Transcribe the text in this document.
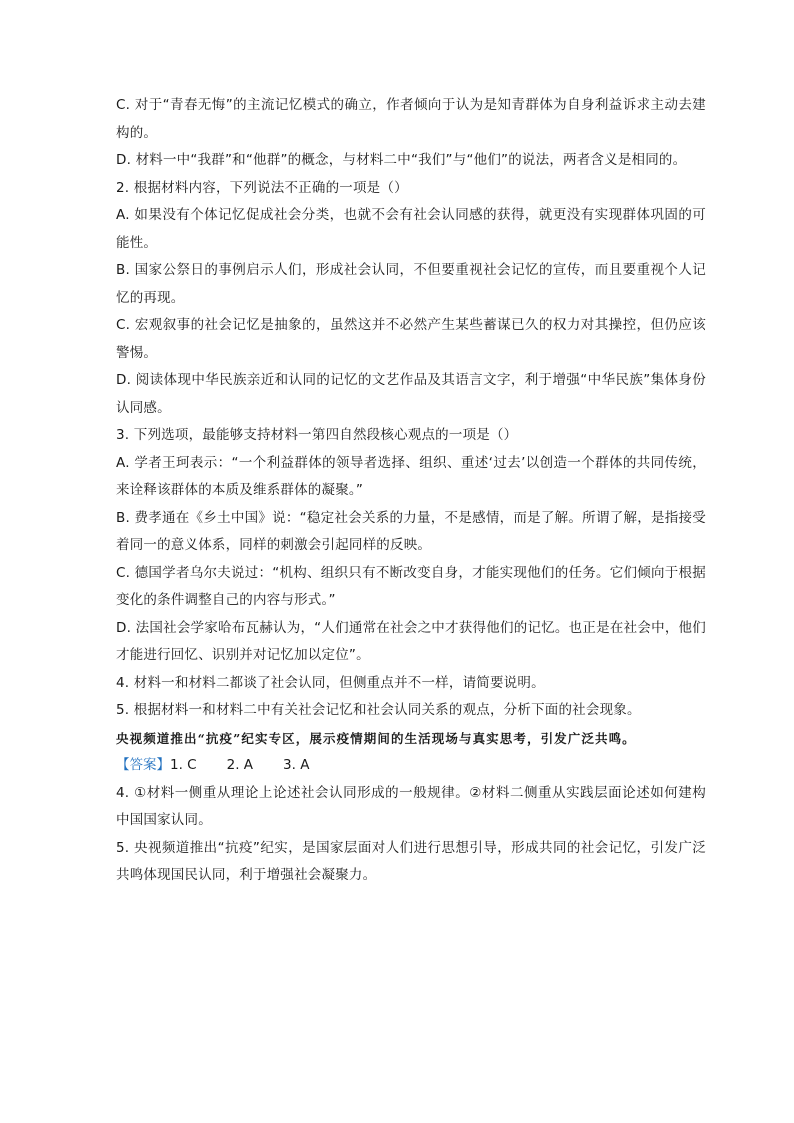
C. 对于“青春无悔”的主流记忆模式的确立，作者倾向于认为是知青群体为自身利益诉求主动去建构的。

D. 材料一中“我群”和“他群”的概念，与材料二中“我们”与“他们”的说法，两者含义是相同的。

2. 根据材料内容，下列说法不正确的一项是（）

A. 如果没有个体记忆促成社会分类，也就不会有社会认同感的获得，就更没有实现群体巩固的可能性。

B. 国家公祭日的事例启示人们，形成社会认同，不但要重视社会记忆的宣传，而且要重视个人记忆的再现。

C. 宏观叙事的社会记忆是抽象的，虽然这并不必然产生某些蓄谋已久的权力对其操控，但仍应该警惕。

D. 阅读体现中华民族亲近和认同的记忆的文艺作品及其语言文字，利于增强“中华民族”集体身份认同感。

3. 下列选项，最能够支持材料一第四自然段核心观点的一项是（）

A. 学者王珂表示：“一个利益群体的领导者选择、组织、重述‘过去’以创造一个群体的共同传统，来诠释该群体的本质及维系群体的凝聚。”

B. 费孝通在《乡土中国》说：“稳定社会关系的力量，不是感情，而是了解。所谓了解，是指接受着同一的意义体系，同样的刺激会引起同样的反映。

C. 德国学者乌尔夫说过：“机构、组织只有不断改变自身，才能实现他们的任务。它们倾向于根据变化的条件调整自己的内容与形式。”

D. 法国社会学家哈布瓦赫认为，“人们通常在社会之中才获得他们的记忆。也正是在社会中，他们才能进行回忆、识别并对记忆加以定位”。

4. 材料一和材料二都谈了社会认同，但侧重点并不一样，请简要说明。

5. 根据材料一和材料二中有关社会记忆和社会认同关系的观点，分析下面的社会现象。

央视频道推出“抗疫”纪实专区，展示疫情期间的生活现场与真实思考，引发广泛共鸣。
【答案】1. C 2. A 3. A

4. ①材料一侧重从理论上论述社会认同形成的一般规律。②材料二侧重从实践层面论述如何建构中国国家认同。

5. 央视频道推出“抗疫”纪实，是国家层面对人们进行思想引导，形成共同的社会记忆，引发广泛共鸣体现国民认同，利于增强社会凝聚力。
